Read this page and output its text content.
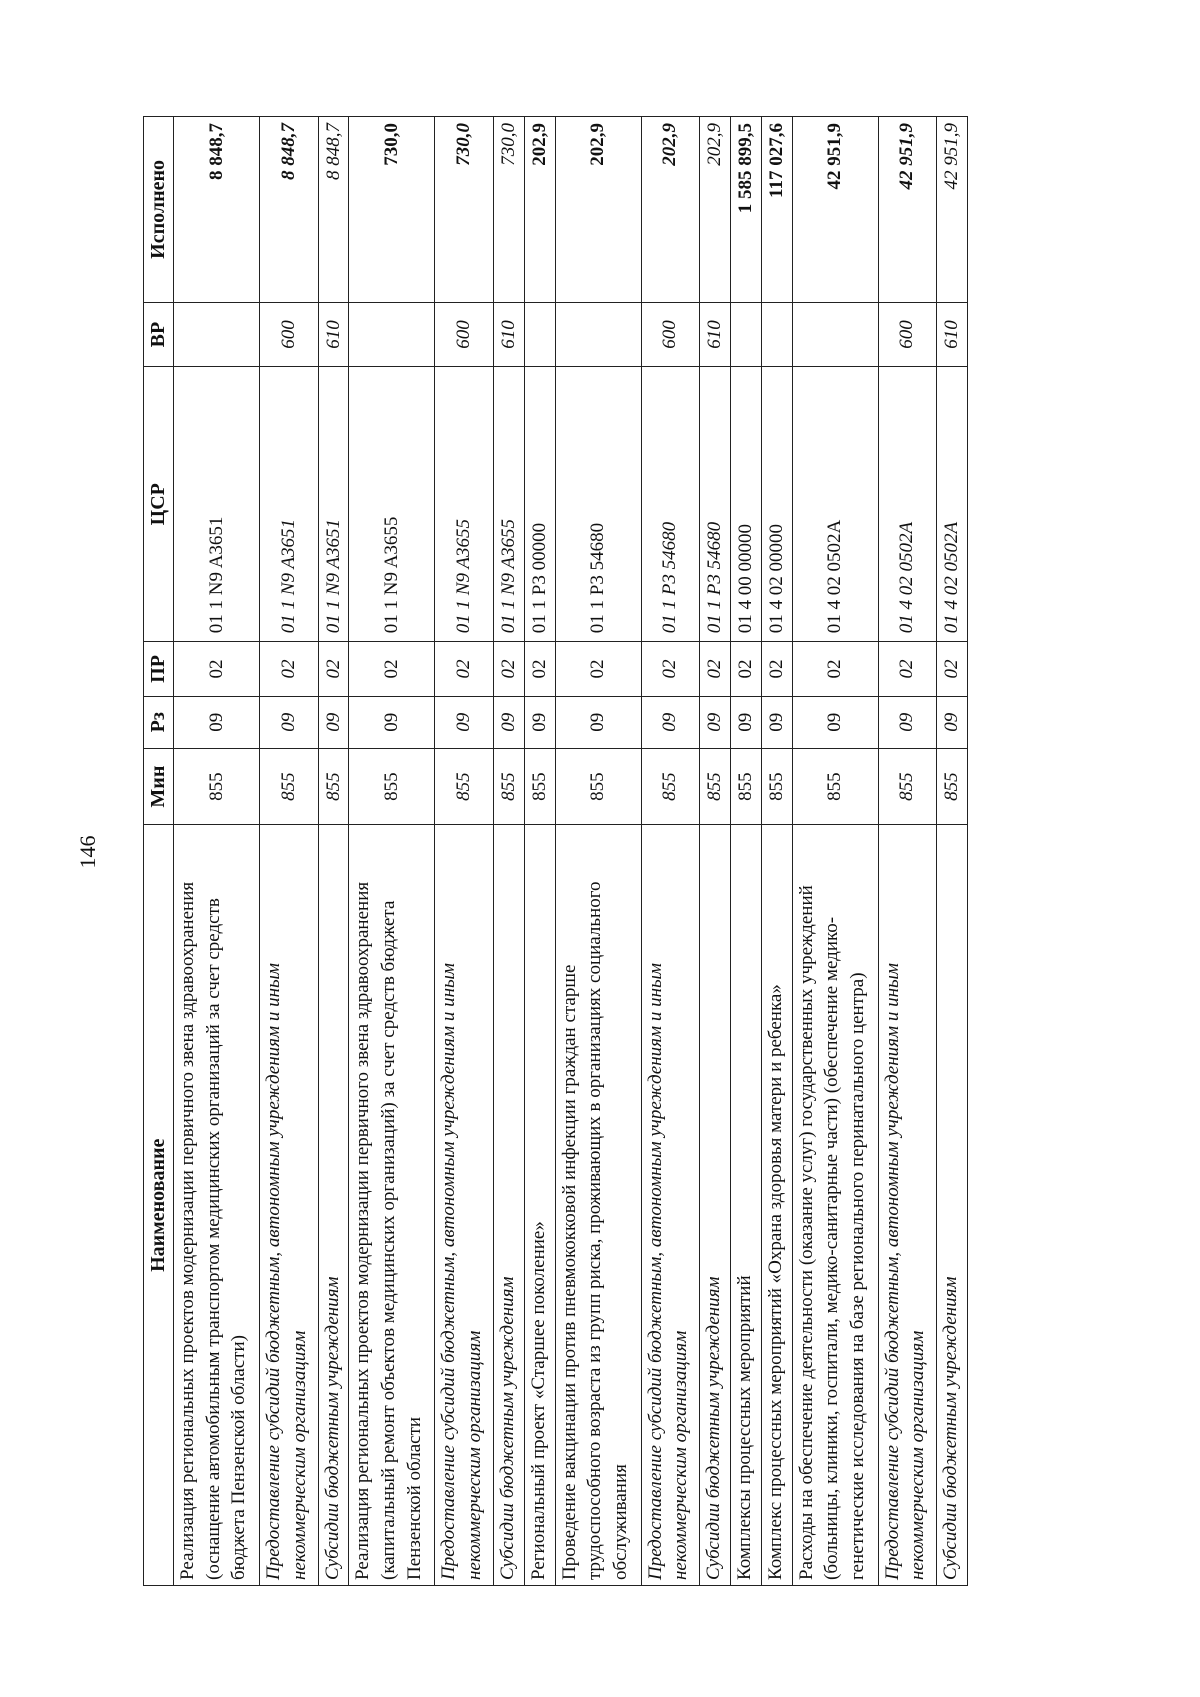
146
Наименование	Мин	Рз	ПР	ЦСР	ВР	Исполнено
Реализация региональных проектов модернизации первичного звена здравоохранения (оснащение автомобильным транспортом медицинских организаций за счет средств бюджета Пензенской области)	855	09	02	01 1 N9 A3651		8 848,7
Предоставление субсидий бюджетным, автономным учреждениям и иным некоммерческим организациям	855	09	02	01 1 N9 A3651	600	8 848,7
Субсидии бюджетным учреждениям	855	09	02	01 1 N9 A3651	610	8 848,7
Реализация региональных проектов модернизации первичного звена здравоохранения (капитальный ремонт объектов медицинских организаций) за счет средств бюджета Пензенской области	855	09	02	01 1 N9 A3655		730,0
Предоставление субсидий бюджетным, автономным учреждениям и иным некоммерческим организациям	855	09	02	01 1 N9 A3655	600	730,0
Субсидии бюджетным учреждениям	855	09	02	01 1 N9 A3655	610	730,0
Региональный проект «Старшее поколение»	855	09	02	01 1 P3 00000		202,9
Проведение вакцинации против пневмококковой инфекции граждан старше трудоспособного возраста из групп риска, проживающих в организациях социального обслуживания	855	09	02	01 1 P3 54680		202,9
Предоставление субсидий бюджетным, автономным учреждениям и иным некоммерческим организациям	855	09	02	01 1 P3 54680	600	202,9
Субсидии бюджетным учреждениям	855	09	02	01 1 P3 54680	610	202,9
Комплексы процессных мероприятий	855	09	02	01 4 00 00000		1 585 899,5
Комплекс процессных мероприятий «Охрана здоровья матери и ребенка»	855	09	02	01 4 02 00000		117 027,6
Расходы на обеспечение деятельности (оказание услуг) государственных учреждений (больницы, клиники, госпитали, медико-санитарные части) (обеспечение медико-генетические исследования на базе регионального перинатального центра)	855	09	02	01 4 02 0502A		42 951,9
Предоставление субсидий бюджетным, автономным учреждениям и иным некоммерческим организациям	855	09	02	01 4 02 0502A	600	42 951,9
Субсидии бюджетным учреждениям	855	09	02	01 4 02 0502A	610	42 951,9
